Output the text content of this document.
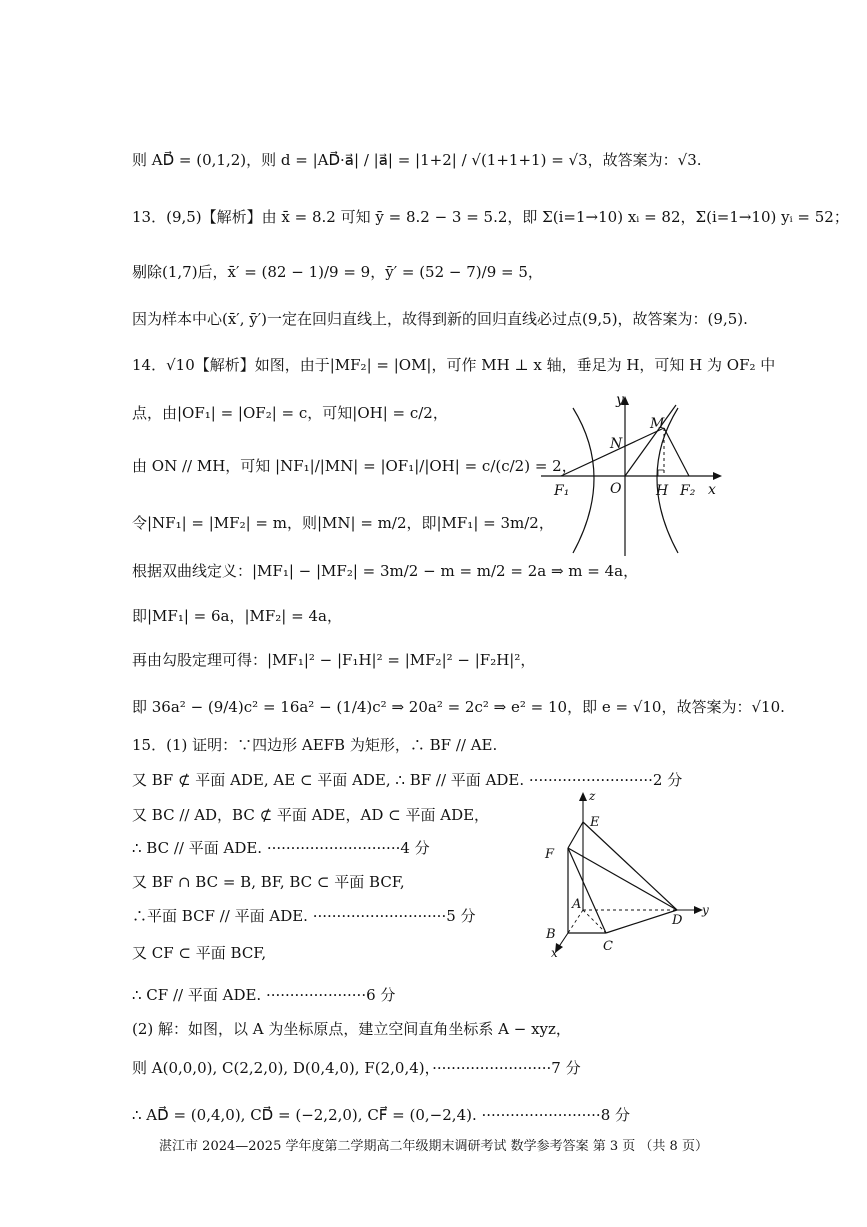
则 AD⃗ = (0,1,2)，则 d = |AD⃗·a⃗| / |a⃗| = |1+2| / √(1+1+1) = √3，故答案为：√3.
13．(9,5)【解析】由 x̄ = 8.2 可知 ȳ = 8.2 − 3 = 5.2，即 Σ(i=1→10) xᵢ = 82，Σ(i=1→10) yᵢ = 52；
剔除(1,7)后，x̄′ = (82 − 1)/9 = 9，ȳ′ = (52 − 7)/9 = 5，
因为样本中心(x̄′, ȳ′)一定在回归直线上，故得到新的回归直线必过点(9,5)，故答案为：(9,5).
14．√10【解析】如图，由于|MF₂| = |OM|，可作 MH ⊥ x 轴，垂足为 H，可知 H 为 OF₂ 中
点，由|OF₁| = |OF₂| = c，可知|OH| = c/2，
由 ON // MH，可知 |NF₁|/|MN| = |OF₁|/|OH| = c/(c/2) = 2，
令|NF₁| = |MF₂| = m，则|MN| = m/2，即|MF₁| = 3m/2，
根据双曲线定义：|MF₁| − |MF₂| = 3m/2 − m = m/2 = 2a ⇒ m = 4a，
即|MF₁| = 6a，|MF₂| = 4a，
再由勾股定理可得：|MF₁|² − |F₁H|² = |MF₂|² − |F₂H|²，
即 36a² − (9/4)c² = 16a² − (1/4)c² ⇒ 20a² = 2c² ⇒ e² = 10，即 e = √10，故答案为：√10.
15．(1) 证明：∵四边形 AEFB 为矩形，∴ BF // AE.
又 BF ⊄ 平面 ADE, AE ⊂ 平面 ADE, ∴ BF // 平面 ADE. ··························2 分
又 BC // AD，BC ⊄ 平面 ADE，AD ⊂ 平面 ADE，
∴ BC // 平面 ADE. ····························4 分
又 BF ∩ BC = B, BF, BC ⊂ 平面 BCF,
∴平面 BCF // 平面 ADE. ····························5 分
又 CF ⊂ 平面 BCF,
∴ CF // 平面 ADE. ·····················6 分
(2) 解：如图，以 A 为坐标原点，建立空间直角坐标系 A − xyz，
则 A(0,0,0), C(2,2,0), D(0,4,0), F(2,0,4)，·························7 分
∴ AD⃗ = (0,4,0), CD⃗ = (−2,2,0), CF⃗ = (0,−2,4). ·························8 分
y
x
M
N
F₁	O H F₂
z
E
F
A
D
y
B
C
x
湛江市 2024—2025 学年度第二学期高二年级期末调研考试 数学参考答案 第 3 页 （共 8 页）
